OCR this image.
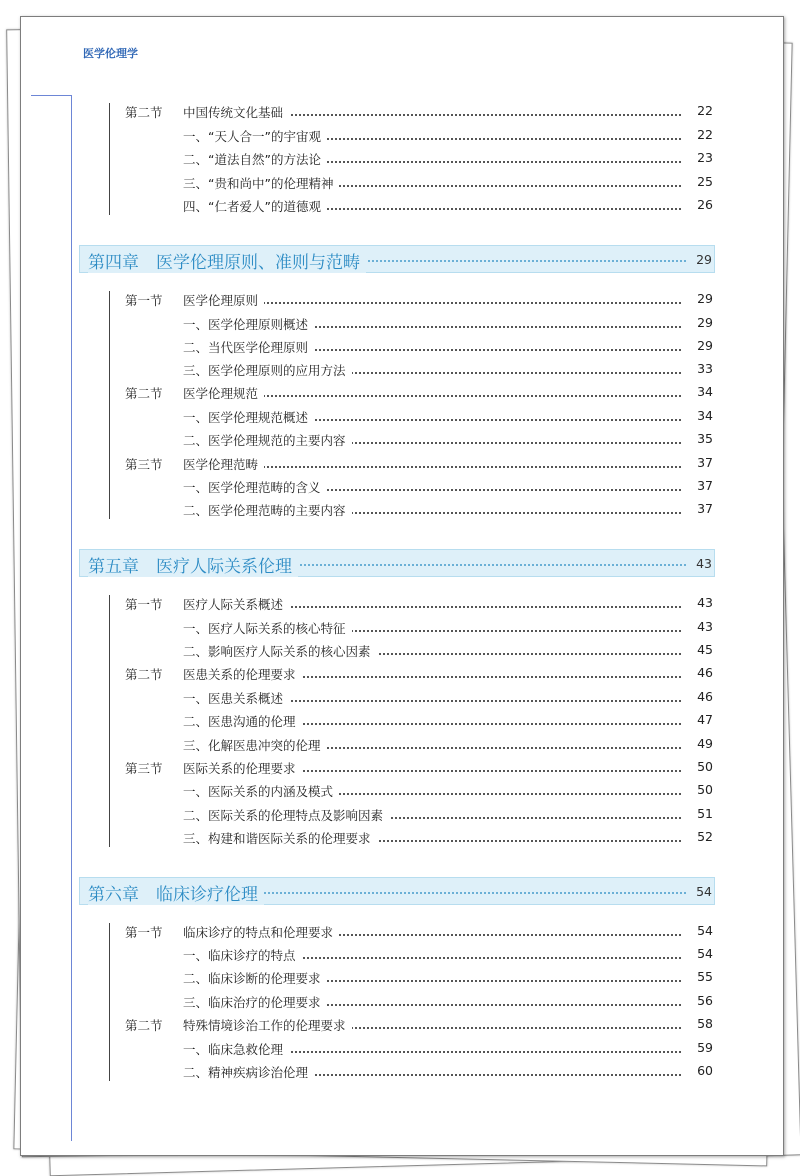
医学伦理学
第二节	中国传统文化基础	22
一、“天人合一”的宇宙观	22
二、“道法自然”的方法论	23
三、“贵和尚中”的伦理精神	25
四、“仁者爱人”的道德观	26
第四章　医学伦理原则、准则与范畴	29
第一节	医学伦理原则	29
一、医学伦理原则概述	29
二、当代医学伦理原则	29
三、医学伦理原则的应用方法	33
第二节	医学伦理规范	34
一、医学伦理规范概述	34
二、医学伦理规范的主要内容	35
第三节	医学伦理范畴	37
一、医学伦理范畴的含义	37
二、医学伦理范畴的主要内容	37
第五章　医疗人际关系伦理	43
第一节	医疗人际关系概述	43
一、医疗人际关系的核心特征	43
二、影响医疗人际关系的核心因素	45
第二节	医患关系的伦理要求	46
一、医患关系概述	46
二、医患沟通的伦理	47
三、化解医患冲突的伦理	49
第三节	医际关系的伦理要求	50
一、医际关系的内涵及模式	50
二、医际关系的伦理特点及影响因素	51
三、构建和谐医际关系的伦理要求	52
第六章　临床诊疗伦理	54
第一节	临床诊疗的特点和伦理要求	54
一、临床诊疗的特点	54
二、临床诊断的伦理要求	55
三、临床治疗的伦理要求	56
第二节	特殊情境诊治工作的伦理要求	58
一、临床急救伦理	59
二、精神疾病诊治伦理	60
